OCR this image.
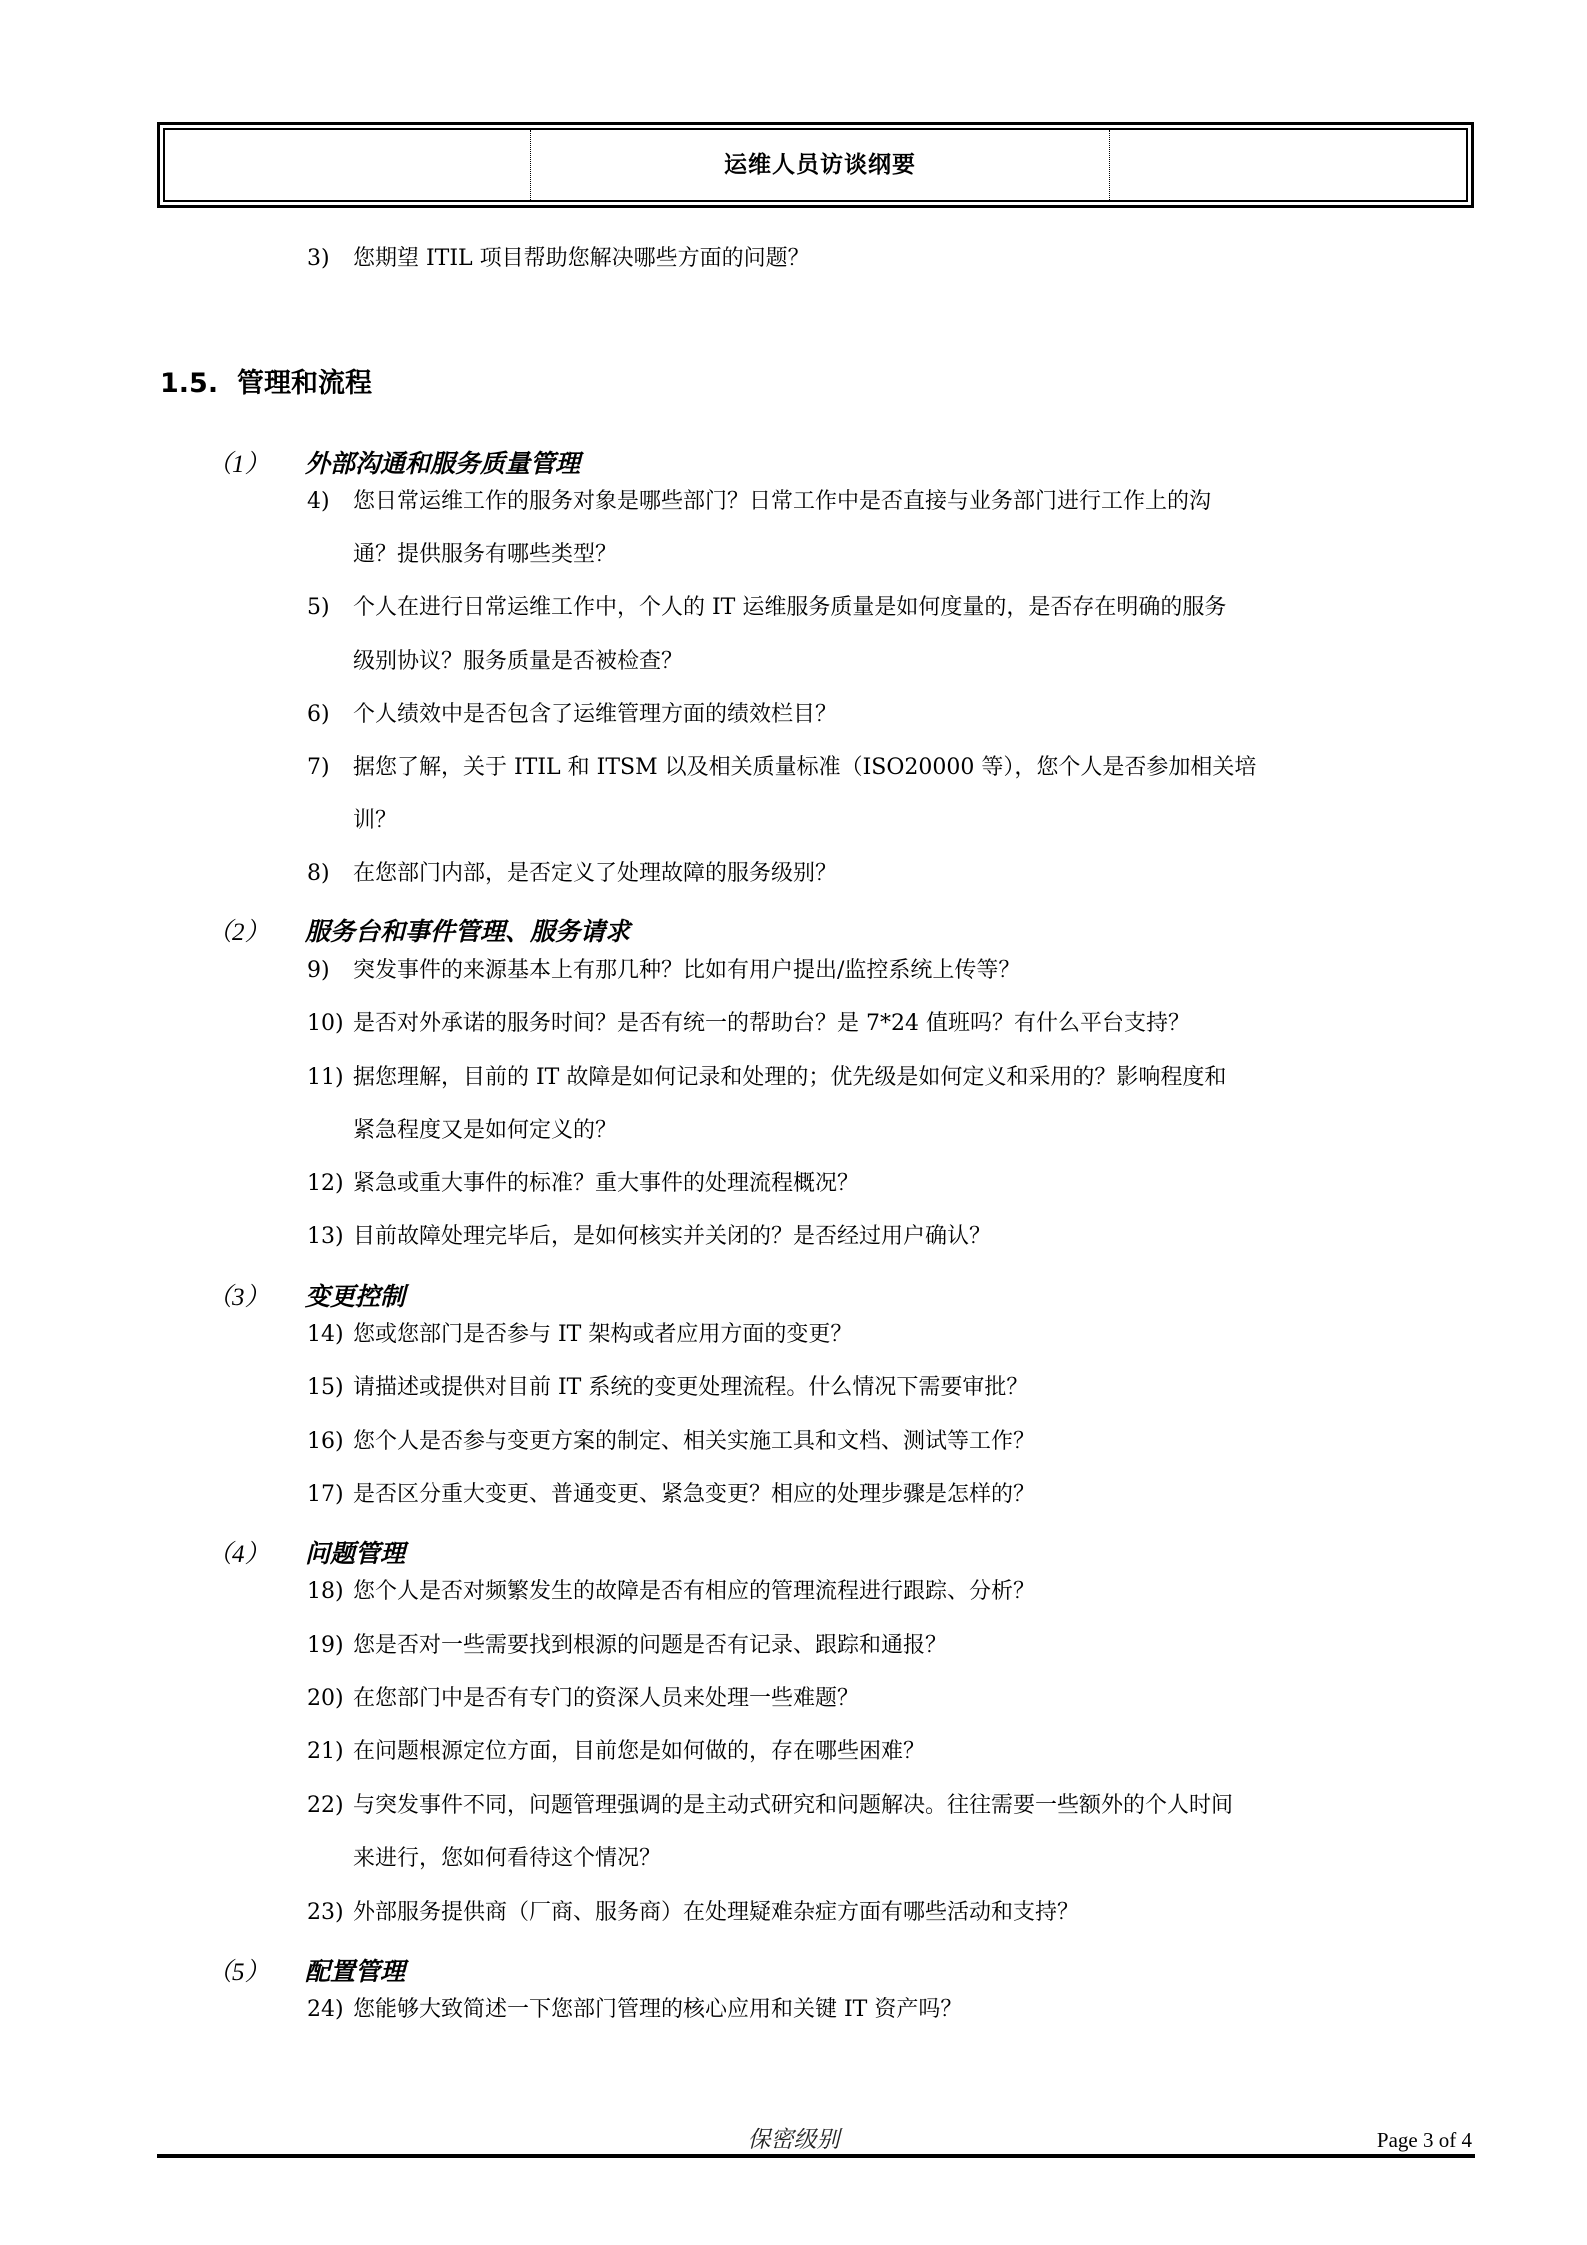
运维人员访谈纲要
3) 您期望 ITIL 项目帮助您解决哪些方面的问题？
1.5. 管理和流程
（1） 外部沟通和服务质量管理
4) 您日常运维工作的服务对象是哪些部门？日常工作中是否直接与业务部门进行工作上的沟
通？提供服务有哪些类型？
5) 个人在进行日常运维工作中，个人的 IT 运维服务质量是如何度量的，是否存在明确的服务
级别协议？服务质量是否被检查？
6) 个人绩效中是否包含了运维管理方面的绩效栏目？
7) 据您了解，关于 ITIL 和 ITSM 以及相关质量标准（ISO20000 等），您个人是否参加相关培
训？
8) 在您部门内部，是否定义了处理故障的服务级别？
（2） 服务台和事件管理、服务请求
9) 突发事件的来源基本上有那几种？比如有用户提出/监控系统上传等？
10) 是否对外承诺的服务时间？是否有统一的帮助台？是 7*24 值班吗？有什么平台支持？
11) 据您理解，目前的 IT 故障是如何记录和处理的；优先级是如何定义和采用的？影响程度和
紧急程度又是如何定义的？
12) 紧急或重大事件的标准？重大事件的处理流程概况？
13) 目前故障处理完毕后，是如何核实并关闭的？是否经过用户确认？
（3） 变更控制
14) 您或您部门是否参与 IT 架构或者应用方面的变更？
15) 请描述或提供对目前 IT 系统的变更处理流程。什么情况下需要审批？
16) 您个人是否参与变更方案的制定、相关实施工具和文档、测试等工作？
17) 是否区分重大变更、普通变更、紧急变更？相应的处理步骤是怎样的？
（4） 问题管理
18) 您个人是否对频繁发生的故障是否有相应的管理流程进行跟踪、分析？
19) 您是否对一些需要找到根源的问题是否有记录、跟踪和通报？
20) 在您部门中是否有专门的资深人员来处理一些难题？
21) 在问题根源定位方面，目前您是如何做的，存在哪些困难？
22) 与突发事件不同，问题管理强调的是主动式研究和问题解决。往往需要一些额外的个人时间
来进行，您如何看待这个情况？
23) 外部服务提供商（厂商、服务商）在处理疑难杂症方面有哪些活动和支持？
（5） 配置管理
24) 您能够大致简述一下您部门管理的核心应用和关键 IT 资产吗？
保密级别	Page 3 of 4
